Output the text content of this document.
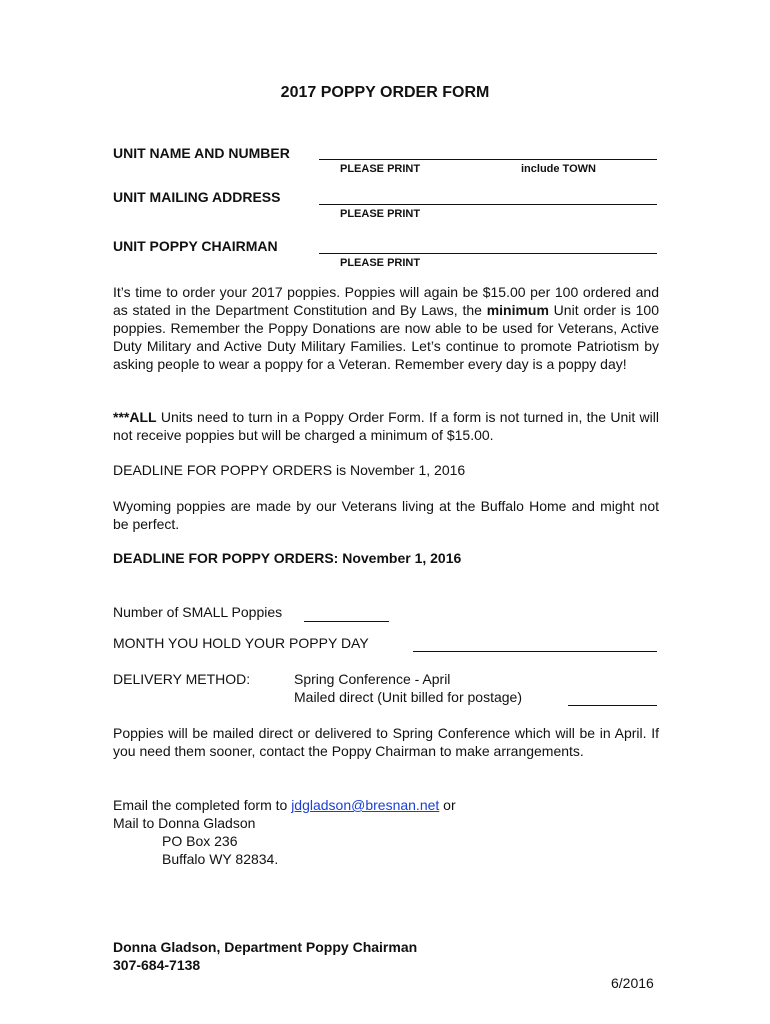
2017 POPPY ORDER FORM
UNIT NAME AND NUMBER
PLEASE PRINT	include TOWN
UNIT MAILING ADDRESS
PLEASE PRINT
UNIT POPPY CHAIRMAN
PLEASE PRINT
It’s time to order your 2017 poppies. Poppies will again be $15.00 per 100 ordered and as stated in the Department Constitution and By Laws, the minimum Unit order is 100 poppies. Remember the Poppy Donations are now able to be used for Veterans, Active Duty Military and Active Duty Military Families. Let’s continue to promote Patriotism by asking people to wear a poppy for a Veteran. Remember every day is a poppy day!
***ALL Units need to turn in a Poppy Order Form. If a form is not turned in, the Unit will not receive poppies but will be charged a minimum of $15.00.
DEADLINE FOR POPPY ORDERS is November 1, 2016
Wyoming poppies are made by our Veterans living at the Buffalo Home and might not be perfect.
DEADLINE FOR POPPY ORDERS: November 1, 2016
Number of SMALL Poppies
MONTH YOU HOLD YOUR POPPY DAY
DELIVERY METHOD:	Spring Conference - April
Mailed direct (Unit billed for postage)
Poppies will be mailed direct or delivered to Spring Conference which will be in April. If you need them sooner, contact the Poppy Chairman to make arrangements.
Email the completed form to jdgladson@bresnan.net or
Mail to Donna Gladson
PO Box 236
Buffalo WY 82834.
Donna Gladson, Department Poppy Chairman
307-684-7138
6/2016
